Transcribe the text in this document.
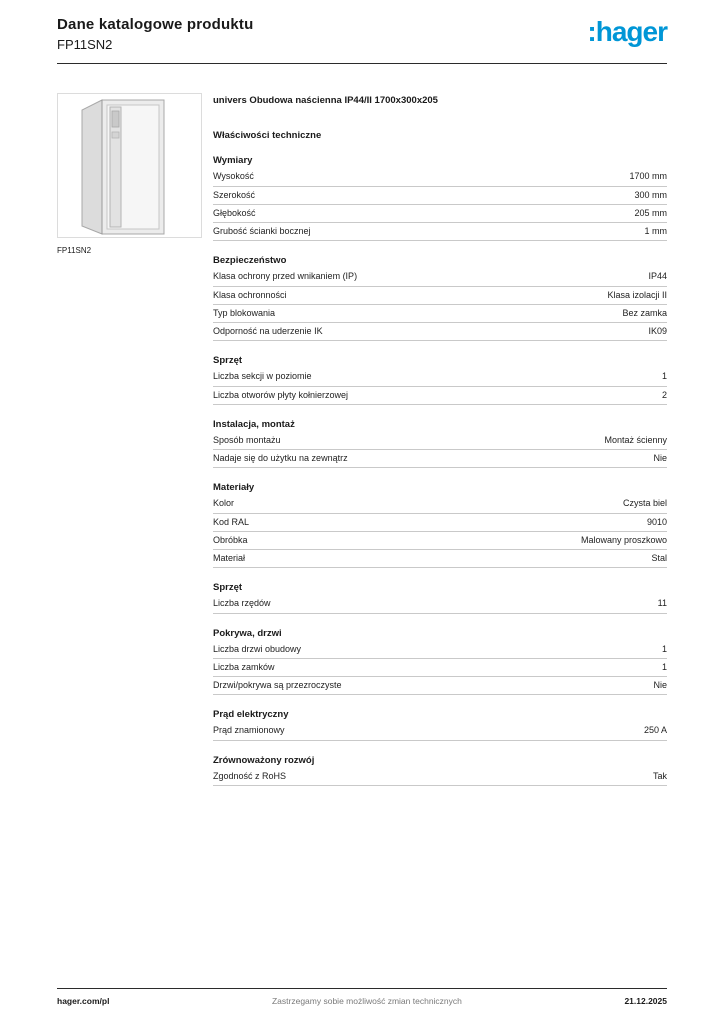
Dane katalogowe produktu
FP11SN2	:hager
FP11SN2
univers Obudowa naścienna IP44/II 1700x300x205
Właściwości techniczne
Wymiary
Wysokość	1700 mm
Szerokość	300 mm
Głębokość	205 mm
Grubość ścianki bocznej	1 mm
Bezpieczeństwo
Klasa ochrony przed wnikaniem (IP)	IP44
Klasa ochronności	Klasa izolacji II
Typ blokowania	Bez zamka
Odporność na uderzenie IK	IK09
Sprzęt
Liczba sekcji w poziomie	1
Liczba otworów płyty kołnierzowej	2
Instalacja, montaż
Sposób montażu	Montaż ścienny
Nadaje się do użytku na zewnątrz	Nie
Materiały
Kolor	Czysta biel
Kod RAL	9010
Obróbka	Malowany proszkowo
Materiał	Stal
Sprzęt
Liczba rzędów	11
Pokrywa, drzwi
Liczba drzwi obudowy	1
Liczba zamków	1
Drzwi/pokrywa są przezroczyste	Nie
Prąd elektryczny
Prąd znamionowy	250 A
Zrównoważony rozwój
Zgodność z RoHS	Tak
hager.com/pl	Zastrzegamy sobie możliwość zmian technicznych	21.12.2025
